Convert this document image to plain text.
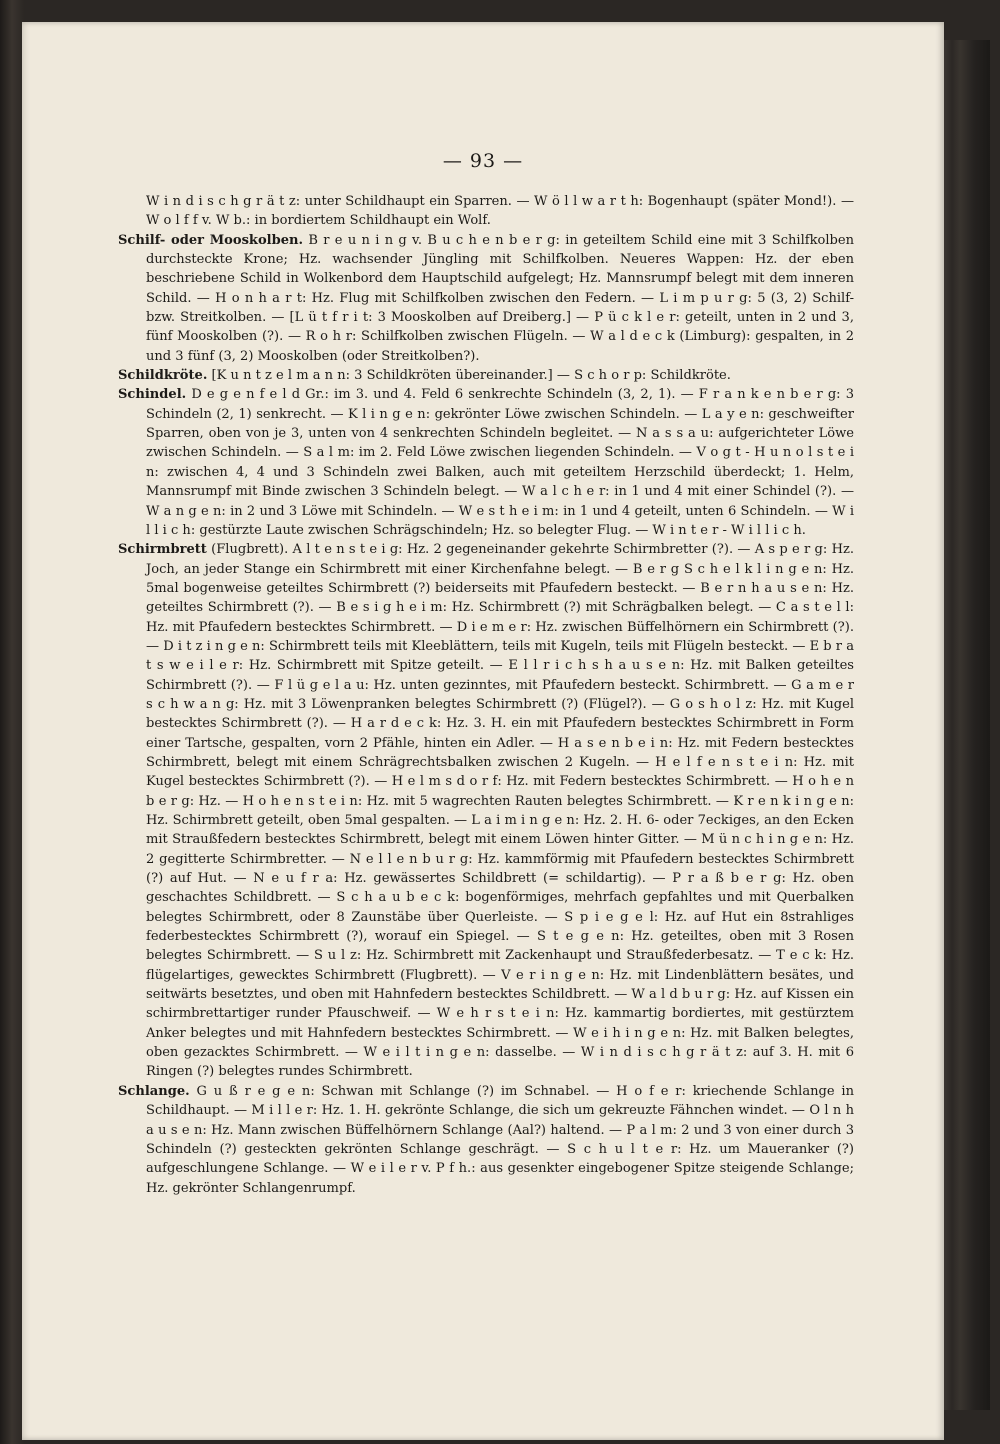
— 93 —

W i n d i s c h g r ä t z: unter Schildhaupt ein Sparren. — W ö l l w a r t h: Bogenhaupt (später Mond!). — W o l f f v. W b.: in bordiertem Schildhaupt ein Wolf.

Schilf- oder Mooskolben. B r e u n i n g v. B u c h e n b e r g: in geteiltem Schild eine mit 3 Schilfkolben durchsteckte Krone; Hz. wachsender Jüngling mit Schilfkolben. Neueres Wappen: Hz. der eben beschriebene Schild in Wolkenbord dem Hauptschild aufgelegt; Hz. Mannsrumpf belegt mit dem inneren Schild. — H o n h a r t: Hz. Flug mit Schilfkolben zwischen den Federn. — L i m p u r g: 5 (3, 2) Schilf- bzw. Streitkolben. — [L ü t f r i t: 3 Mooskolben auf Dreiberg.] — P ü c k l e r: geteilt, unten in 2 und 3, fünf Mooskolben (?). — R o h r: Schilfkolben zwischen Flügeln. — W a l d e c k (Limburg): gespalten, in 2 und 3 fünf (3, 2) Mooskolben (oder Streitkolben?).

Schildkröte. [K u n t z e l m a n n: 3 Schildkröten übereinander.] — S c h o r p: Schildkröte.

Schindel. D e g e n f e l d Gr.: im 3. und 4. Feld 6 senkrechte Schindeln (3, 2, 1). — F r a n k e n b e r g: 3 Schindeln (2, 1) senkrecht. — K l i n g e n: gekrönter Löwe zwischen Schindeln. — L a y e n: geschweifter Sparren, oben von je 3, unten von 4 senkrechten Schindeln begleitet. — N a s s a u: aufgerichteter Löwe zwischen Schindeln. — S a l m: im 2. Feld Löwe zwischen liegenden Schindeln. — V o g t - H u n o l s t e i n: zwischen 4, 4 und 3 Schindeln zwei Balken, auch mit geteiltem Herzschild überdeckt; 1. Helm, Mannsrumpf mit Binde zwischen 3 Schindeln belegt. — W a l c h e r: in 1 und 4 mit einer Schindel (?). — W a n g e n: in 2 und 3 Löwe mit Schindeln. — W e s t h e i m: in 1 und 4 geteilt, unten 6 Schindeln. — W i l l i c h: gestürzte Laute zwischen Schrägschindeln; Hz. so belegter Flug. — W i n t e r - W i l l i c h.

Schirmbrett (Flugbrett). A l t e n s t e i g: Hz. 2 gegeneinander gekehrte Schirmbretter (?). — A s p e r g: Hz. Joch, an jeder Stange ein Schirmbrett mit einer Kirchenfahne belegt. — B e r g S c h e l k l i n g e n: Hz. 5mal bogenweise geteiltes Schirmbrett (?) beiderseits mit Pfaufedern besteckt. — B e r n h a u s e n: Hz. geteiltes Schirmbrett (?). — B e s i g h e i m: Hz. Schirmbrett (?) mit Schrägbalken belegt. — C a s t e l l: Hz. mit Pfaufedern bestecktes Schirmbrett. — D i e m e r: Hz. zwischen Büffelhörnern ein Schirmbrett (?). — D i t z i n g e n: Schirmbrett teils mit Kleeblättern, teils mit Kugeln, teils mit Flügeln besteckt. — E b r a t s w e i l e r: Hz. Schirmbrett mit Spitze geteilt. — E l l r i c h s h a u s e n: Hz. mit Balken geteiltes Schirmbrett (?). — F l ü g e l a u: Hz. unten gezinntes, mit Pfaufedern besteckt. Schirmbrett. — G a m e r s c h w a n g: Hz. mit 3 Löwenpranken belegtes Schirmbrett (?) (Flügel?). — G o s h o l z: Hz. mit Kugel bestecktes Schirmbrett (?). — H a r d e c k: Hz. 3. H. ein mit Pfaufedern bestecktes Schirmbrett in Form einer Tartsche, gespalten, vorn 2 Pfähle, hinten ein Adler. — H a s e n b e i n: Hz. mit Federn bestecktes Schirmbrett, belegt mit einem Schrägrechtsbalken zwischen 2 Kugeln. — H e l f e n s t e i n: Hz. mit Kugel bestecktes Schirmbrett (?). — H e l m s d o r f: Hz. mit Federn bestecktes Schirmbrett. — H o h e n b e r g: Hz. — H o h e n s t e i n: Hz. mit 5 wagrechten Rauten belegtes Schirmbrett. — K r e n k i n g e n: Hz. Schirmbrett geteilt, oben 5mal gespalten. — L a i m i n g e n: Hz. 2. H. 6- oder 7eckiges, an den Ecken mit Straußfedern bestecktes Schirmbrett, belegt mit einem Löwen hinter Gitter. — M ü n c h i n g e n: Hz. 2 gegitterte Schirmbretter. — N e l l e n b u r g: Hz. kammförmig mit Pfaufedern bestecktes Schirmbrett (?) auf Hut. — N e u f r a: Hz. gewässertes Schildbrett (= schildartig). — P r a ß b e r g: Hz. oben geschachtes Schildbrett. — S c h a u b e c k: bogenförmiges, mehrfach gepfahltes und mit Querbalken belegtes Schirmbrett, oder 8 Zaunstäbe über Querleiste. — S p i e g e l: Hz. auf Hut ein 8strahliges federbestecktes Schirmbrett (?), worauf ein Spiegel. — S t e g e n: Hz. geteiltes, oben mit 3 Rosen belegtes Schirmbrett. — S u l z: Hz. Schirmbrett mit Zackenhaupt und Straußfederbesatz. — T e c k: Hz. flügelartiges, gewecktes Schirmbrett (Flugbrett). — V e r i n g e n: Hz. mit Lindenblättern besätes, und seitwärts besetztes, und oben mit Hahnfedern bestecktes Schildbrett. — W a l d b u r g: Hz. auf Kissen ein schirmbrettartiger runder Pfauschweif. — W e h r s t e i n: Hz. kammartig bordiertes, mit gestürztem Anker belegtes und mit Hahnfedern bestecktes Schirmbrett. — W e i h i n g e n: Hz. mit Balken belegtes, oben gezacktes Schirmbrett. — W e i l t i n g e n: dasselbe. — W i n d i s c h g r ä t z: auf 3. H. mit 6 Ringen (?) belegtes rundes Schirmbrett.

Schlange. G u ß r e g e n: Schwan mit Schlange (?) im Schnabel. — H o f e r: kriechende Schlange in Schildhaupt. — M i l l e r: Hz. 1. H. gekrönte Schlange, die sich um gekreuzte Fähnchen windet. — O l n h a u s e n: Hz. Mann zwischen Büffelhörnern Schlange (Aal?) haltend. — P a l m: 2 und 3 von einer durch 3 Schindeln (?) gesteckten gekrönten Schlange geschrägt. — S c h u l t e r: Hz. um Maueranker (?) aufgeschlungene Schlange. — W e i l e r v. P f h.: aus gesenkter eingebogener Spitze steigende Schlange; Hz. gekrönter Schlangenrumpf.
